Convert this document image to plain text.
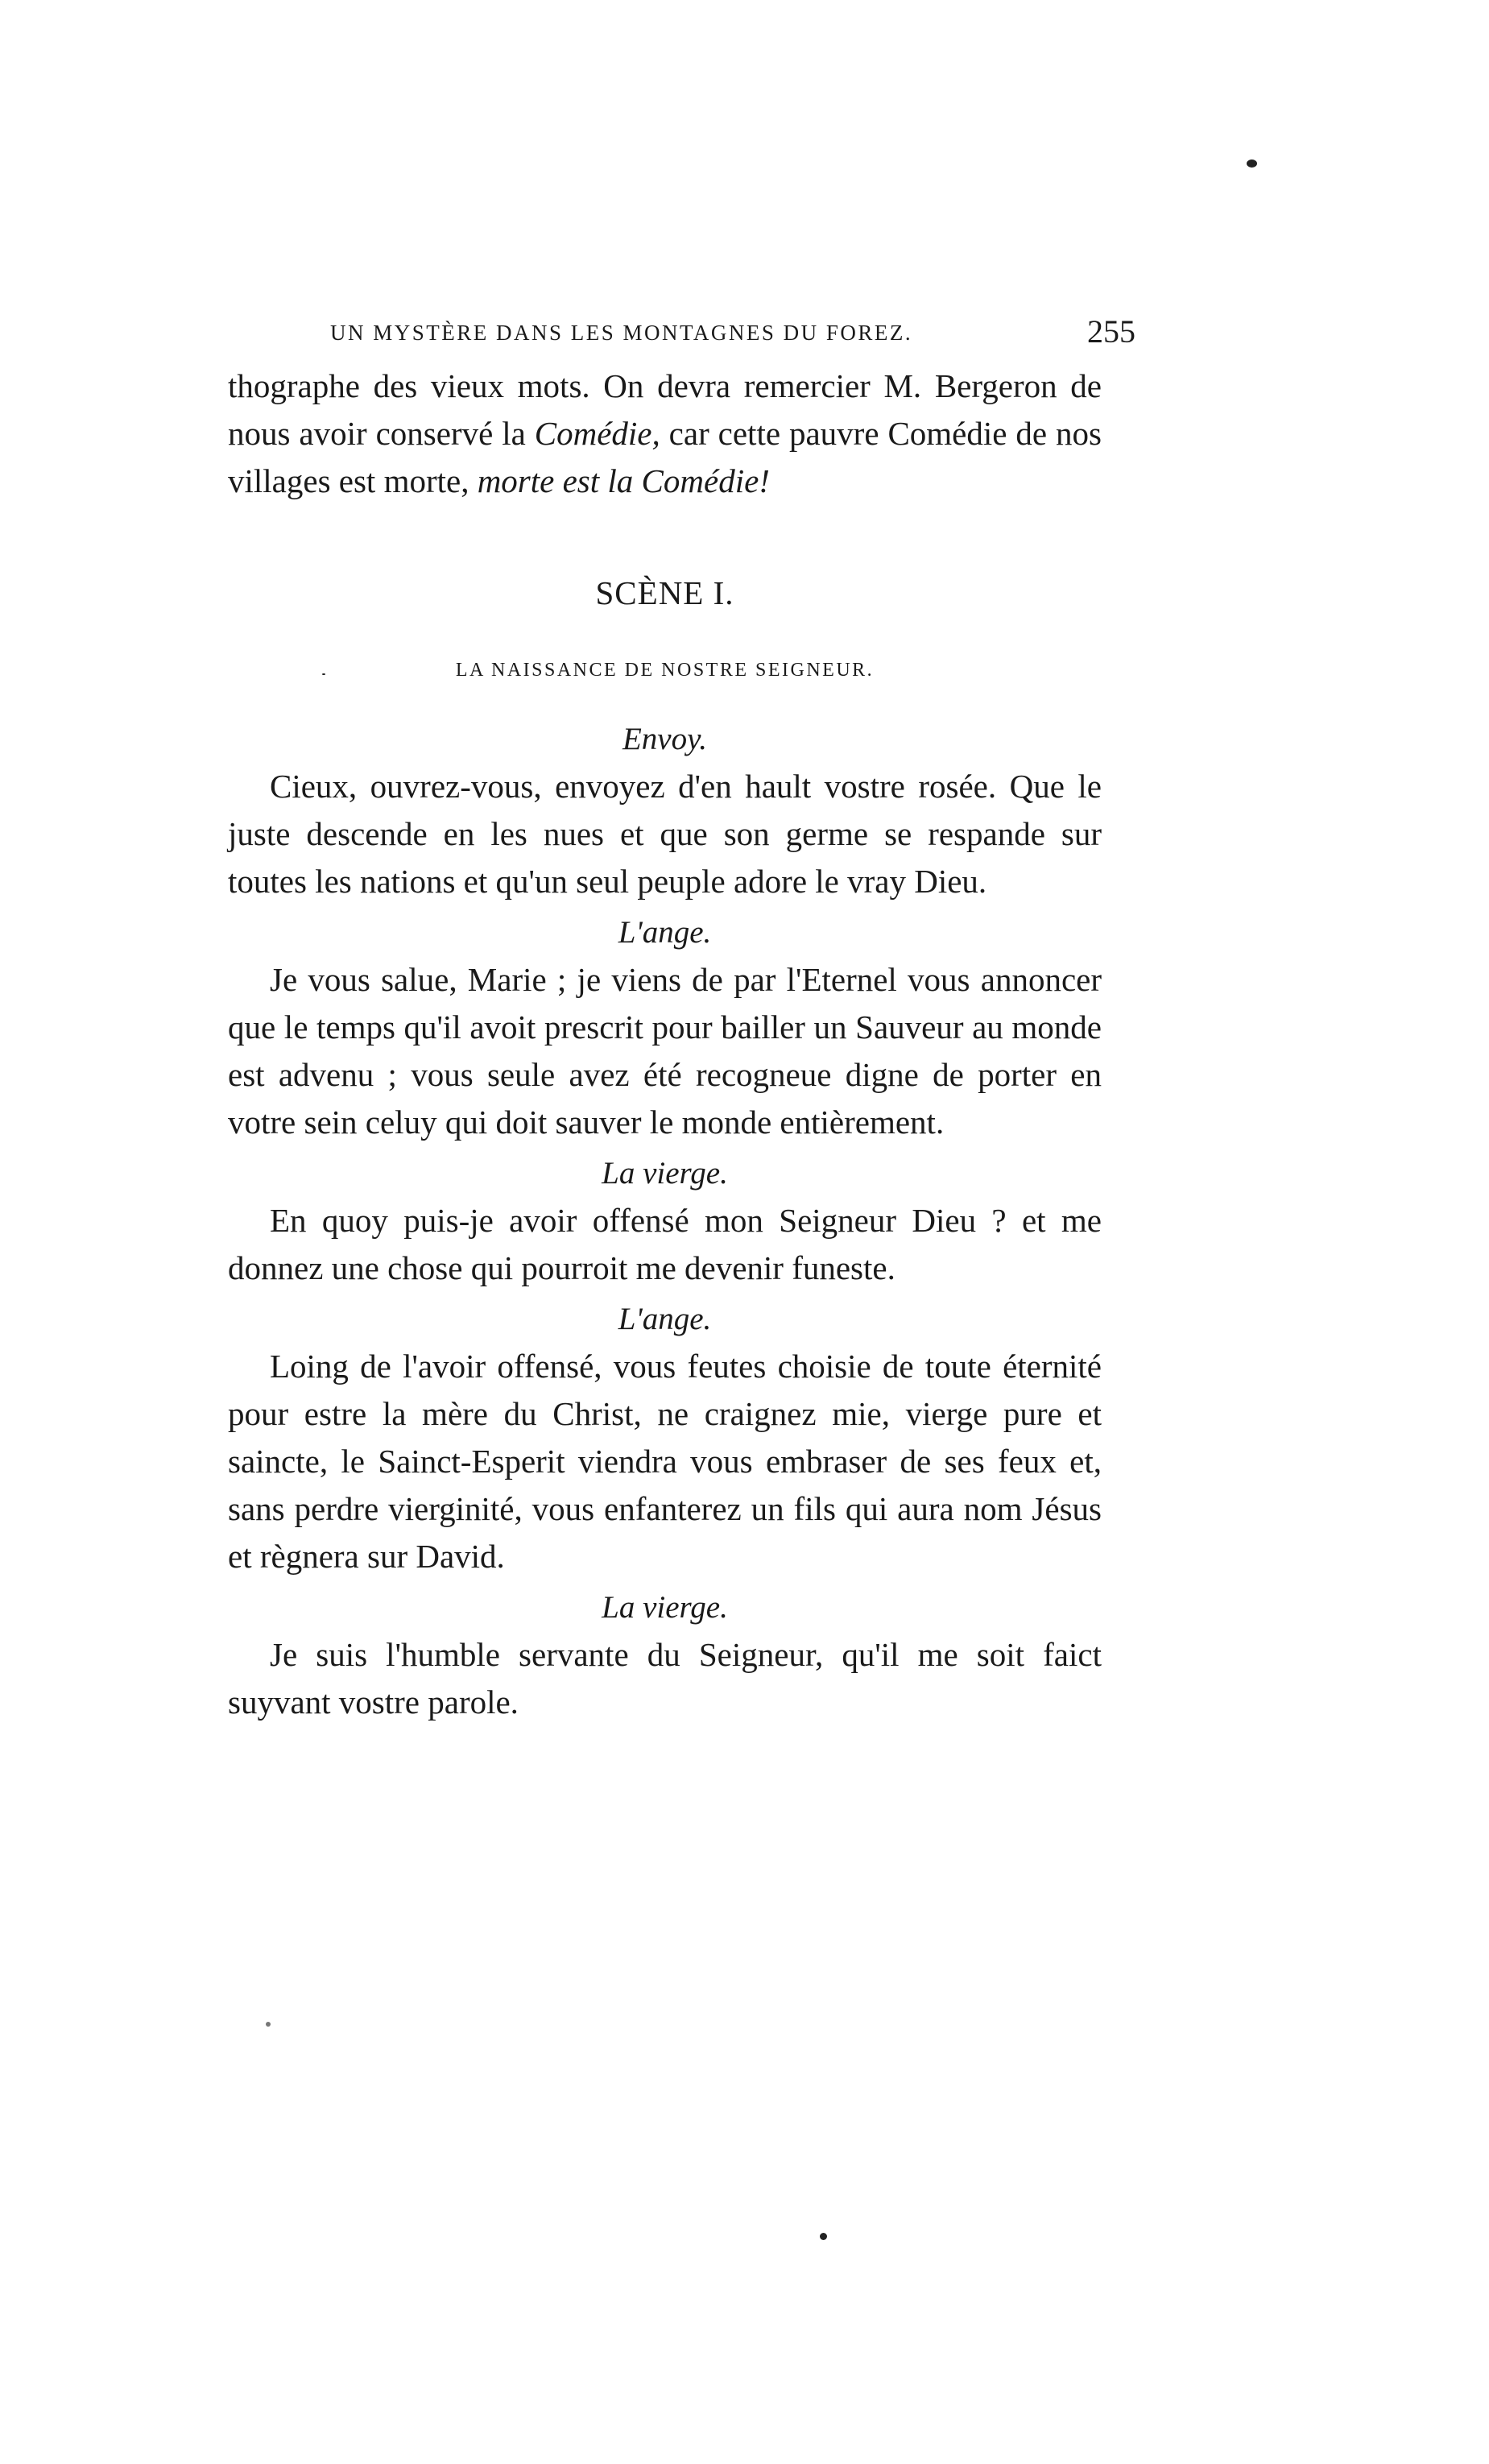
UN MYSTÈRE DANS LES MONTAGNES DU FOREZ.	255

thographe des vieux mots. On devra remercier M. Bergeron de nous avoir conservé la Comédie, car cette pauvre Comédie de nos villages est morte, morte est la Comédie!

SCÈNE I.
LA NAISSANCE DE NOSTRE SEIGNEUR.
Envoy.

Cieux, ouvrez-vous, envoyez d'en hault vostre rosée. Que le juste descende en les nues et que son germe se respande sur toutes les nations et qu'un seul peuple adore le vray Dieu.

L'ange.

Je vous salue, Marie ; je viens de par l'Eternel vous annoncer que le temps qu'il avoit prescrit pour bailler un Sauveur au monde est advenu ; vous seule avez été recogneue digne de porter en votre sein celuy qui doit sauver le monde entièrement.

La vierge.

En quoy puis-je avoir offensé mon Seigneur Dieu ? et me donnez une chose qui pourroit me devenir funeste.

L'ange.

Loing de l'avoir offensé, vous feutes choisie de toute éternité pour estre la mère du Christ, ne craignez mie, vierge pure et saincte, le Sainct-Esperit viendra vous embraser de ses feux et, sans perdre vierginité, vous enfanterez un fils qui aura nom Jésus et règnera sur David.

La vierge.

Je suis l'humble servante du Seigneur, qu'il me soit faict suyvant vostre parole.
